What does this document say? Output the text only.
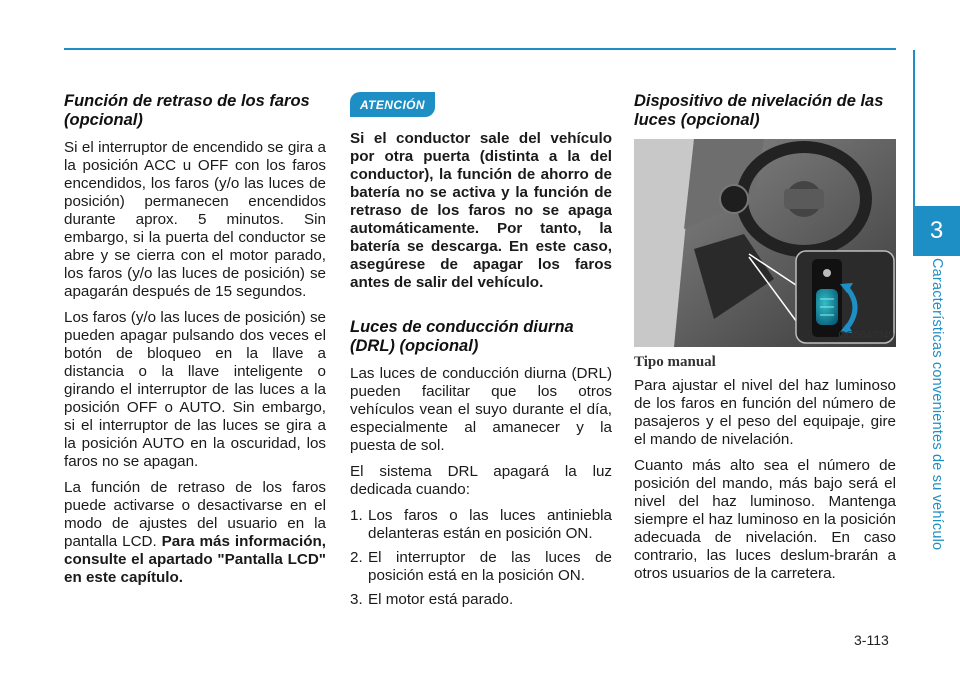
3
Características convenientes de su vehículo
Función de retraso de los faros (opcional)

Si el interruptor de encendido se gira a la posición ACC u OFF con los faros encendidos, los faros (y/o las luces de posición) permanecen encendidos durante aprox. 5 minutos. Sin embargo, si la puerta del conductor se abre y se cierra con el motor parado, los faros (y/o las luces de posición) se apagarán después de 15 segundos.

Los faros (y/o las luces de posición) se pueden apagar pulsando dos veces el botón de bloqueo en la llave a distancia o la llave inteligente o girando el interruptor de las luces a la posición OFF o AUTO. Sin embargo, si el interruptor de las luces se gira a la posición AUTO en la oscuridad, los faros no se apagan.

La función de retraso de los faros puede activarse o desactivarse en el modo de ajustes del usuario en la pantalla LCD. Para más información, consulte el apartado "Pantalla LCD" en este capítulo.

ATENCIÓN

Si el conductor sale del vehículo por otra puerta (distinta a la del conductor), la función de ahorro de batería no se activa y la función de retraso de los faros no se apaga automáticamente. Por tanto, la batería se descarga. En este caso, asegúrese de apagar los faros antes de salir del vehículo.

Luces de conducción diurna (DRL) (opcional)

Las luces de conducción diurna (DRL) pueden facilitar que los otros vehículos vean el suyo durante el día, especialmente al amanecer y la puesta de sol.

El sistema DRL apagará la luz dedicada cuando:

1. Los faros o las luces antiniebla delanteras están en posición ON.
2. El interruptor de las luces de posición está en la posición ON.
3. El motor está parado.
Dispositivo de nivelación de las luces (opcional)
OOS047049
Tipo manual

Para ajustar el nivel del haz luminoso de los faros en función del número de pasajeros y el peso del equipaje, gire el mando de nivelación.

Cuanto más alto sea el número de posición del mando, más bajo será el nivel del haz luminoso. Mantenga siempre el haz luminoso en la posición adecuada de nivelación. En caso contrario, las luces deslum-brarán a otros usuarios de la carretera.

3-113
